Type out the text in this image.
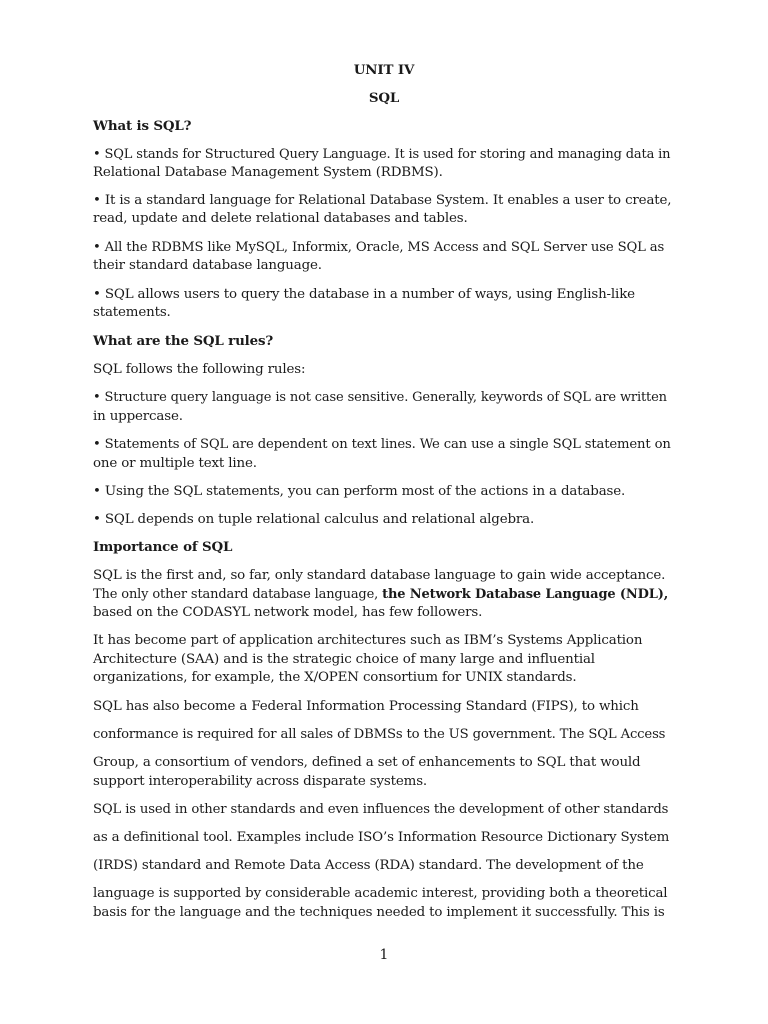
UNIT IV
SQL
What is SQL?
• SQL stands for Structured Query Language. It is used for storing and managing data in
Relational Database Management System (RDBMS).
• It is a standard language for Relational Database System. It enables a user to create,
read, update and delete relational databases and tables.
• All the RDBMS like MySQL, Informix, Oracle, MS Access and SQL Server use SQL as
their standard database language.
• SQL allows users to query the database in a number of ways, using English-like
statements.
What are the SQL rules?
SQL follows the following rules:
• Structure query language is not case sensitive. Generally, keywords of SQL are written
in uppercase.
• Statements of SQL are dependent on text lines. We can use a single SQL statement on
one or multiple text line.
• Using the SQL statements, you can perform most of the actions in a database.
• SQL depends on tuple relational calculus and relational algebra.
Importance of SQL
SQL is the first and, so far, only standard database language to gain wide acceptance.
The only other standard database language, the Network Database Language (NDL),
based on the CODASYL network model, has few followers.
It has become part of application architectures such as IBM’s Systems Application
Architecture (SAA) and is the strategic choice of many large and influential
organizations, for example, the X/OPEN consortium for UNIX standards.
SQL has also become a Federal Information Processing Standard (FIPS), to which
conformance is required for all sales of DBMSs to the US government. The SQL Access
Group, a consortium of vendors, defined a set of enhancements to SQL that would
support interoperability across disparate systems.
SQL is used in other standards and even influences the development of other standards
as a definitional tool. Examples include ISO’s Information Resource Dictionary System
(IRDS) standard and Remote Data Access (RDA) standard. The development of the
language is supported by considerable academic interest, providing both a theoretical
basis for the language and the techniques needed to implement it successfully. This is
1
